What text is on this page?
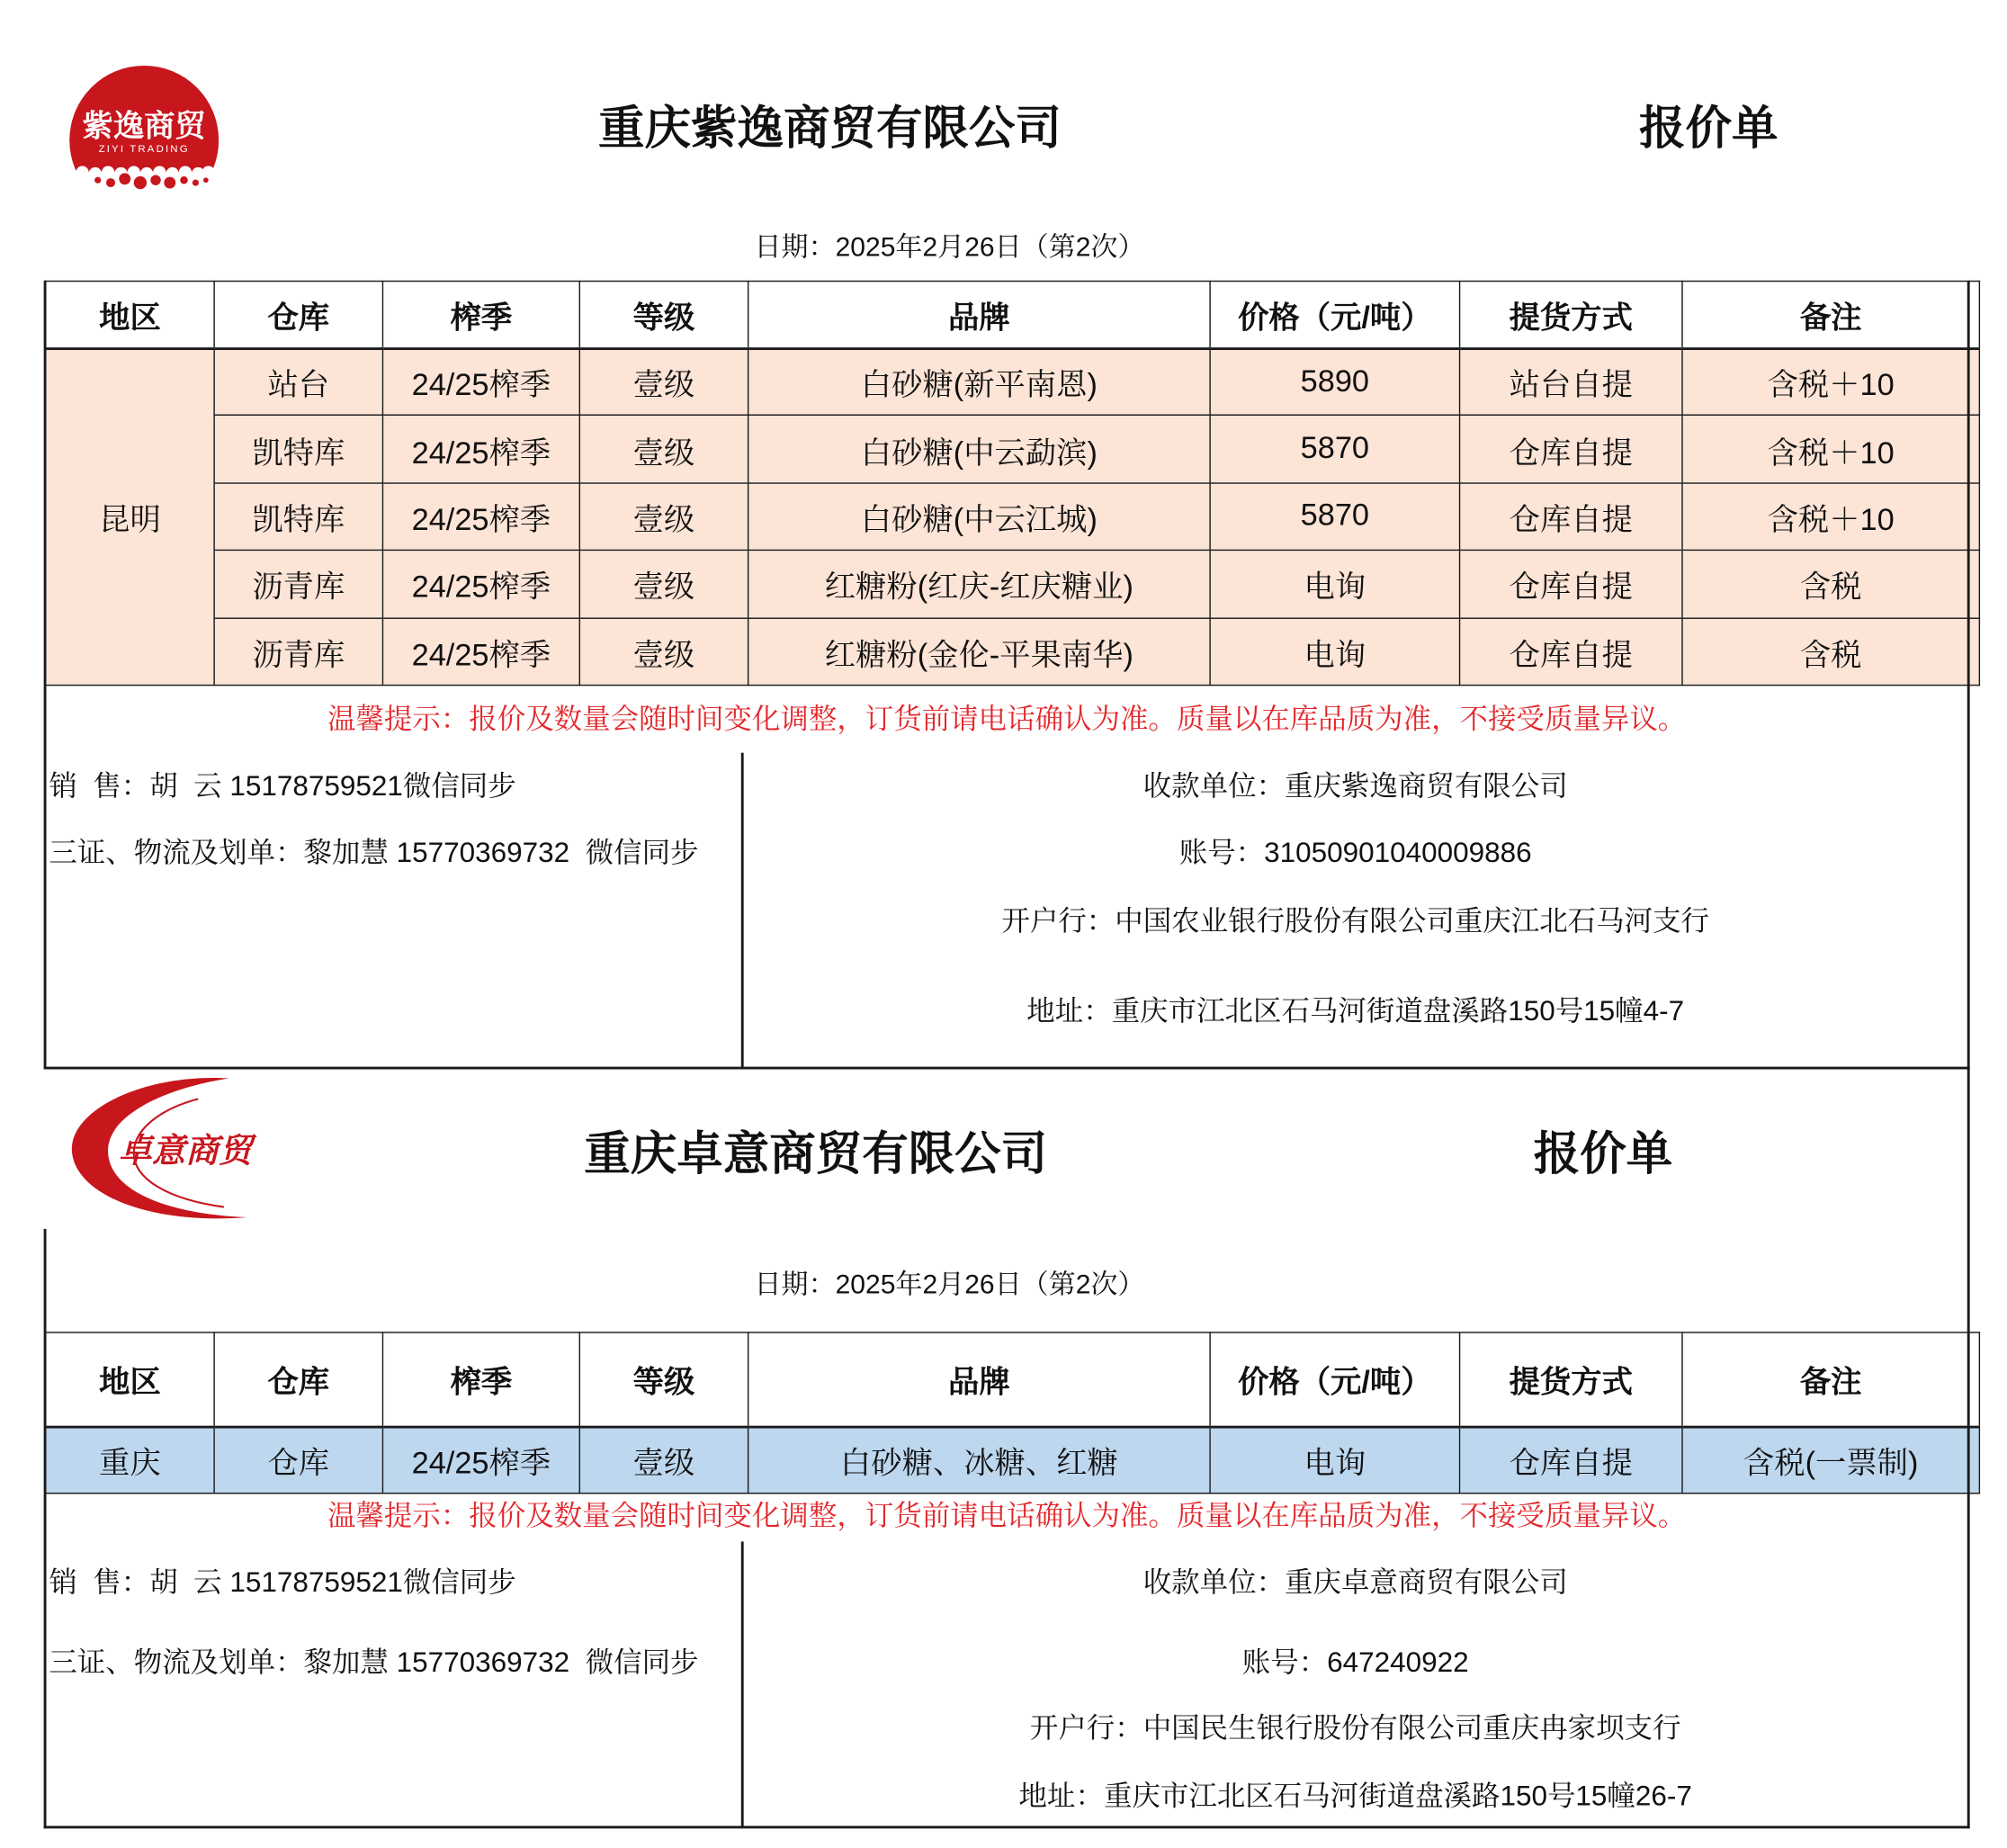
紫逸商贸
ZIYI TRADING	重庆紫逸商贸有限公司	报价单
日期：2025年2月26日（第2次）
地区	仓库	榨季	等级	品牌	价格（元/吨）	提货方式	备注
昆明	站台	24/25榨季	壹级	白砂糖(新平南恩)	5890	站台自提	含税＋10
	凯特库	24/25榨季	壹级	白砂糖(中云勐滨)	5870	仓库自提	含税＋10
	凯特库	24/25榨季	壹级	白砂糖(中云江城)	5870	仓库自提	含税＋10
	沥青库	24/25榨季	壹级	红糖粉(红庆-红庆糖业)	电询	仓库自提	含税
	沥青库	24/25榨季	壹级	红糖粉(金伦-平果南华)	电询	仓库自提	含税
温馨提示：报价及数量会随时间变化调整，订货前请电话确认为准。质量以在库品质为准，不接受质量异议。
销  售：胡  云 15178759521微信同步
三证、物流及划单：黎加慧 15770369732  微信同步
收款单位：重庆紫逸商贸有限公司
账号：31050901040009886
开户行：中国农业银行股份有限公司重庆江北石马河支行
地址：重庆市江北区石马河街道盘溪路150号15幢4-7
卓意商贸	重庆卓意商贸有限公司	报价单
日期：2025年2月26日（第2次）
地区	仓库	榨季	等级	品牌	价格（元/吨）	提货方式	备注
重庆	仓库	24/25榨季	壹级	白砂糖、冰糖、红糖	电询	仓库自提	含税(一票制)
温馨提示：报价及数量会随时间变化调整，订货前请电话确认为准。质量以在库品质为准，不接受质量异议。
销  售：胡  云 15178759521微信同步
三证、物流及划单：黎加慧 15770369732  微信同步
收款单位：重庆卓意商贸有限公司
账号：647240922
开户行：中国民生银行股份有限公司重庆冉家坝支行
地址：重庆市江北区石马河街道盘溪路150号15幢26-7
